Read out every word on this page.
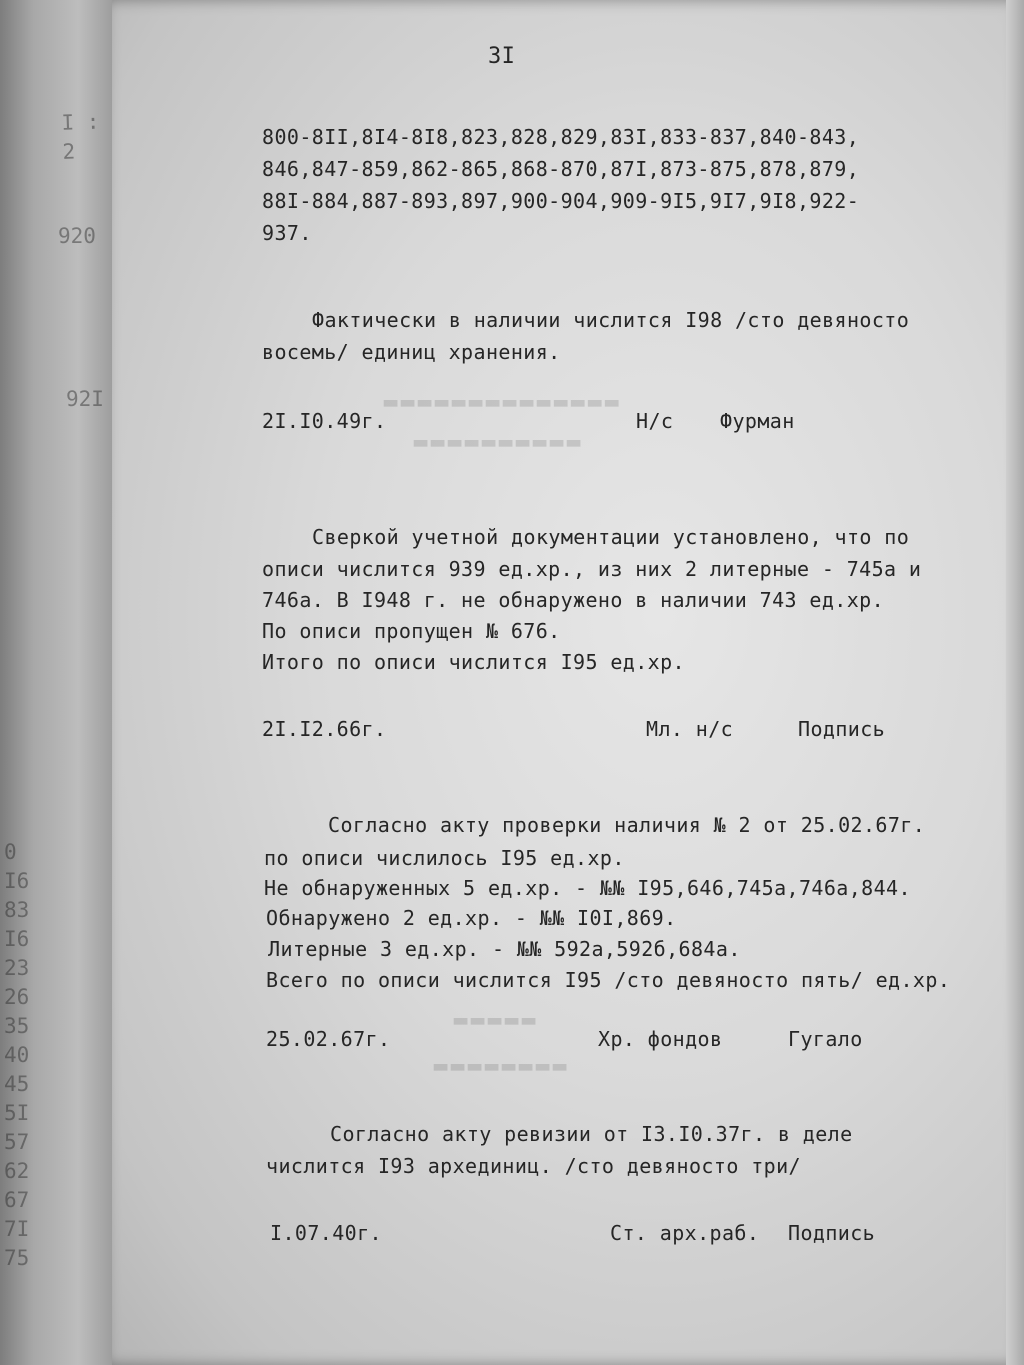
I : 2
920
92I
0
I6
83
I6
23
26
35
40
45
5I
57
62
67
7I
75
▬▬▬▬▬▬▬▬▬▬▬▬▬▬
▬▬▬▬▬▬▬▬▬▬
▬▬▬▬▬
▬▬▬▬▬▬▬▬
3I
800-8II,8I4-8I8,823,828,829,83I,833-837,840-843,
846,847-859,862-865,868-870,87I,873-875,878,879,
88I-884,887-893,897,900-904,909-9I5,9I7,9I8,922-
937.
Фактически в наличии числится I98 /сто девяносто
восемь/ единиц хранения.
2I.I0.49г.	Н/с Фурман
Сверкой учетной документации установлено, что по
описи числится 939 ед.хр., из них 2 литерные - 745а и
746а. В I948 г. не обнаружено в наличии 743 ед.хр.
По описи пропущен № 676.
Итого по описи числится I95 ед.хр.
2I.I2.66г.	Мл. н/с	Подпись
Согласно акту проверки наличия № 2 от 25.02.67г.
по описи числилось I95 ед.хр.
Не обнаруженных 5 ед.хр. - №№ I95,646,745а,746а,844.
Обнаружено 2 ед.хр. - №№ I0I,869.
Литерные 3 ед.хр. - №№ 592а,592б,684а.
Всего по описи числится I95 /сто девяносто пять/ ед.хр.
25.02.67г.	Хр. фондов	Гугало
Согласно акту ревизии от I3.I0.37г. в деле
числится I93 архединиц. /сто девяносто три/
I.07.40г.	Ст. арх.раб. Подпись
